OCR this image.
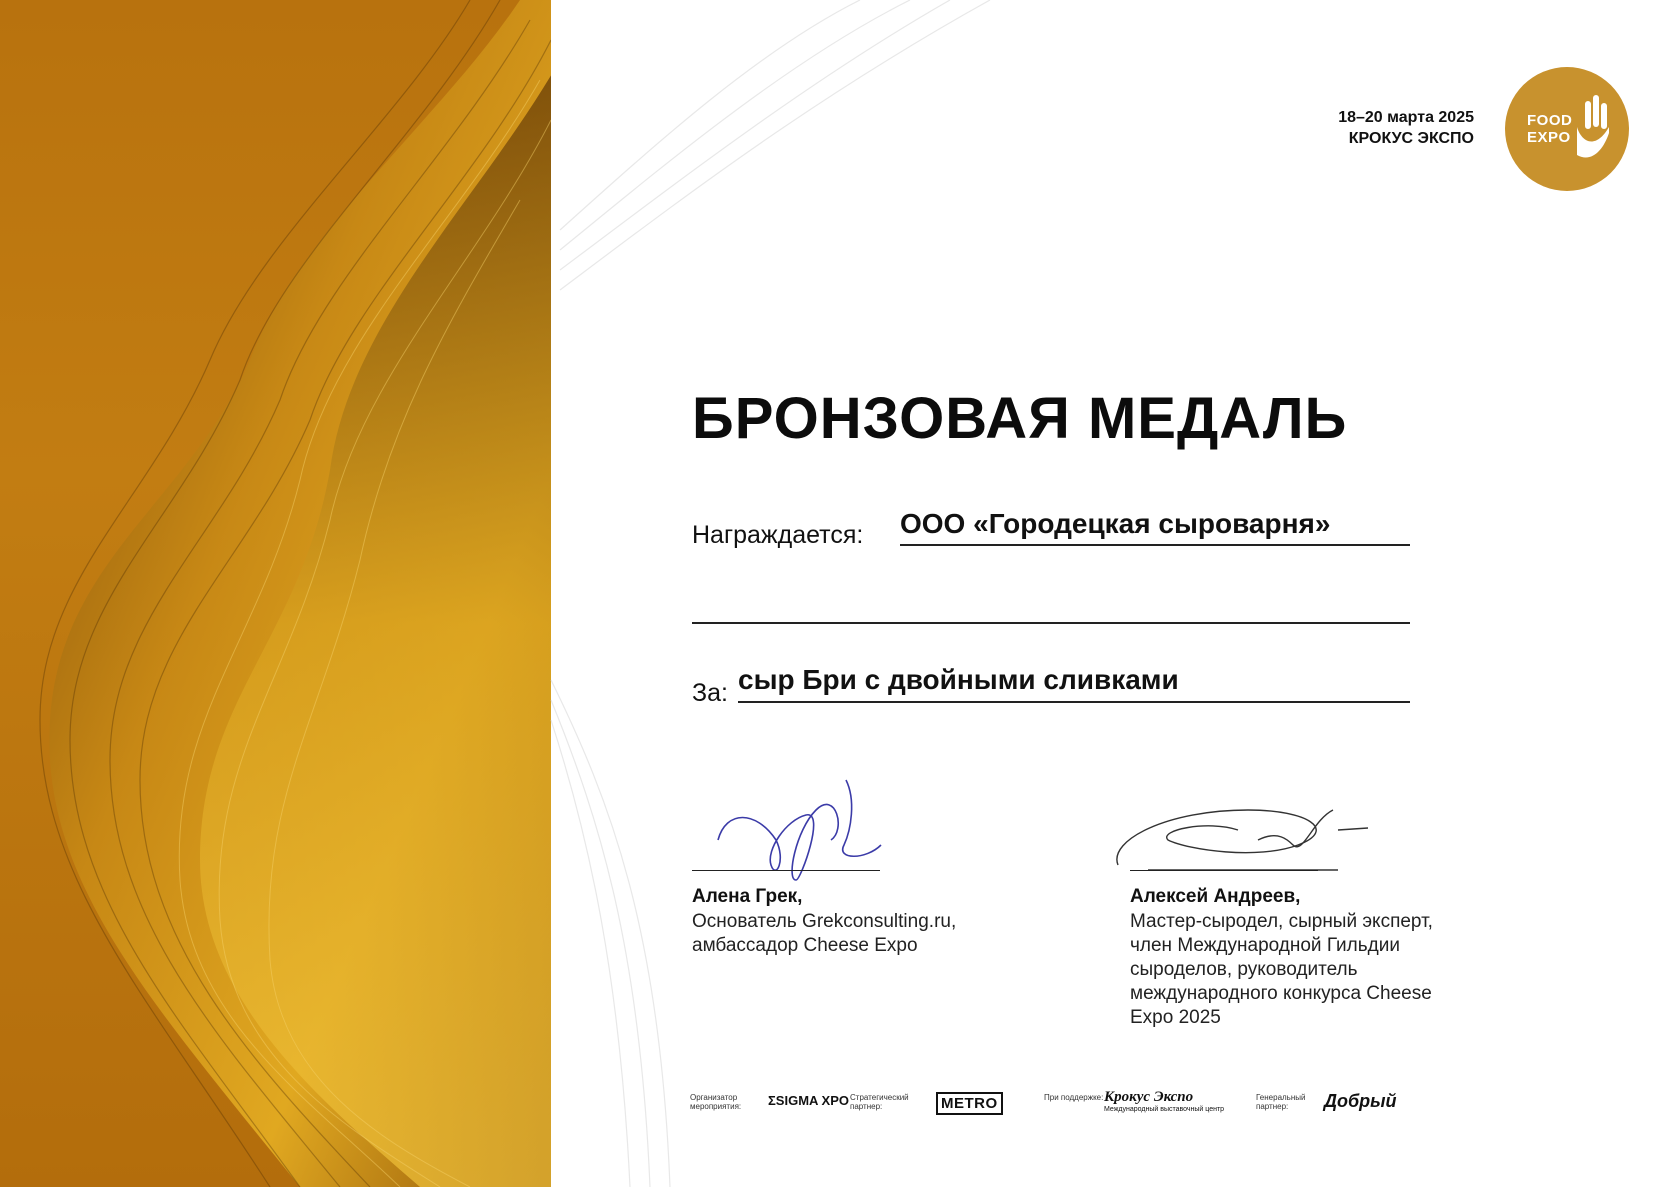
18–20 марта 2025
КРОКУС ЭКСПО
FOOD
EXPO
БРОНЗОВАЯ МЕДАЛЬ
Награждается: ООО «Городецкая сыроварня»
За: сыр Бри с двойными сливками
Алена Грек,
Основатель Grekconsulting.ru,
амбассадор Cheese Expo
Алексей Андреев,
Мастер-сыродел, сырный эксперт,
член Международной Гильдии
сыроделов, руководитель
международного конкурса Cheese
Expo 2025
Организатор мероприятия:	ΣSIGMA XPO Стратегический партнер:	METRO	При поддержке: Крокус Экспо
Международный выставочный центр
Генеральный партнер:	Добрый
